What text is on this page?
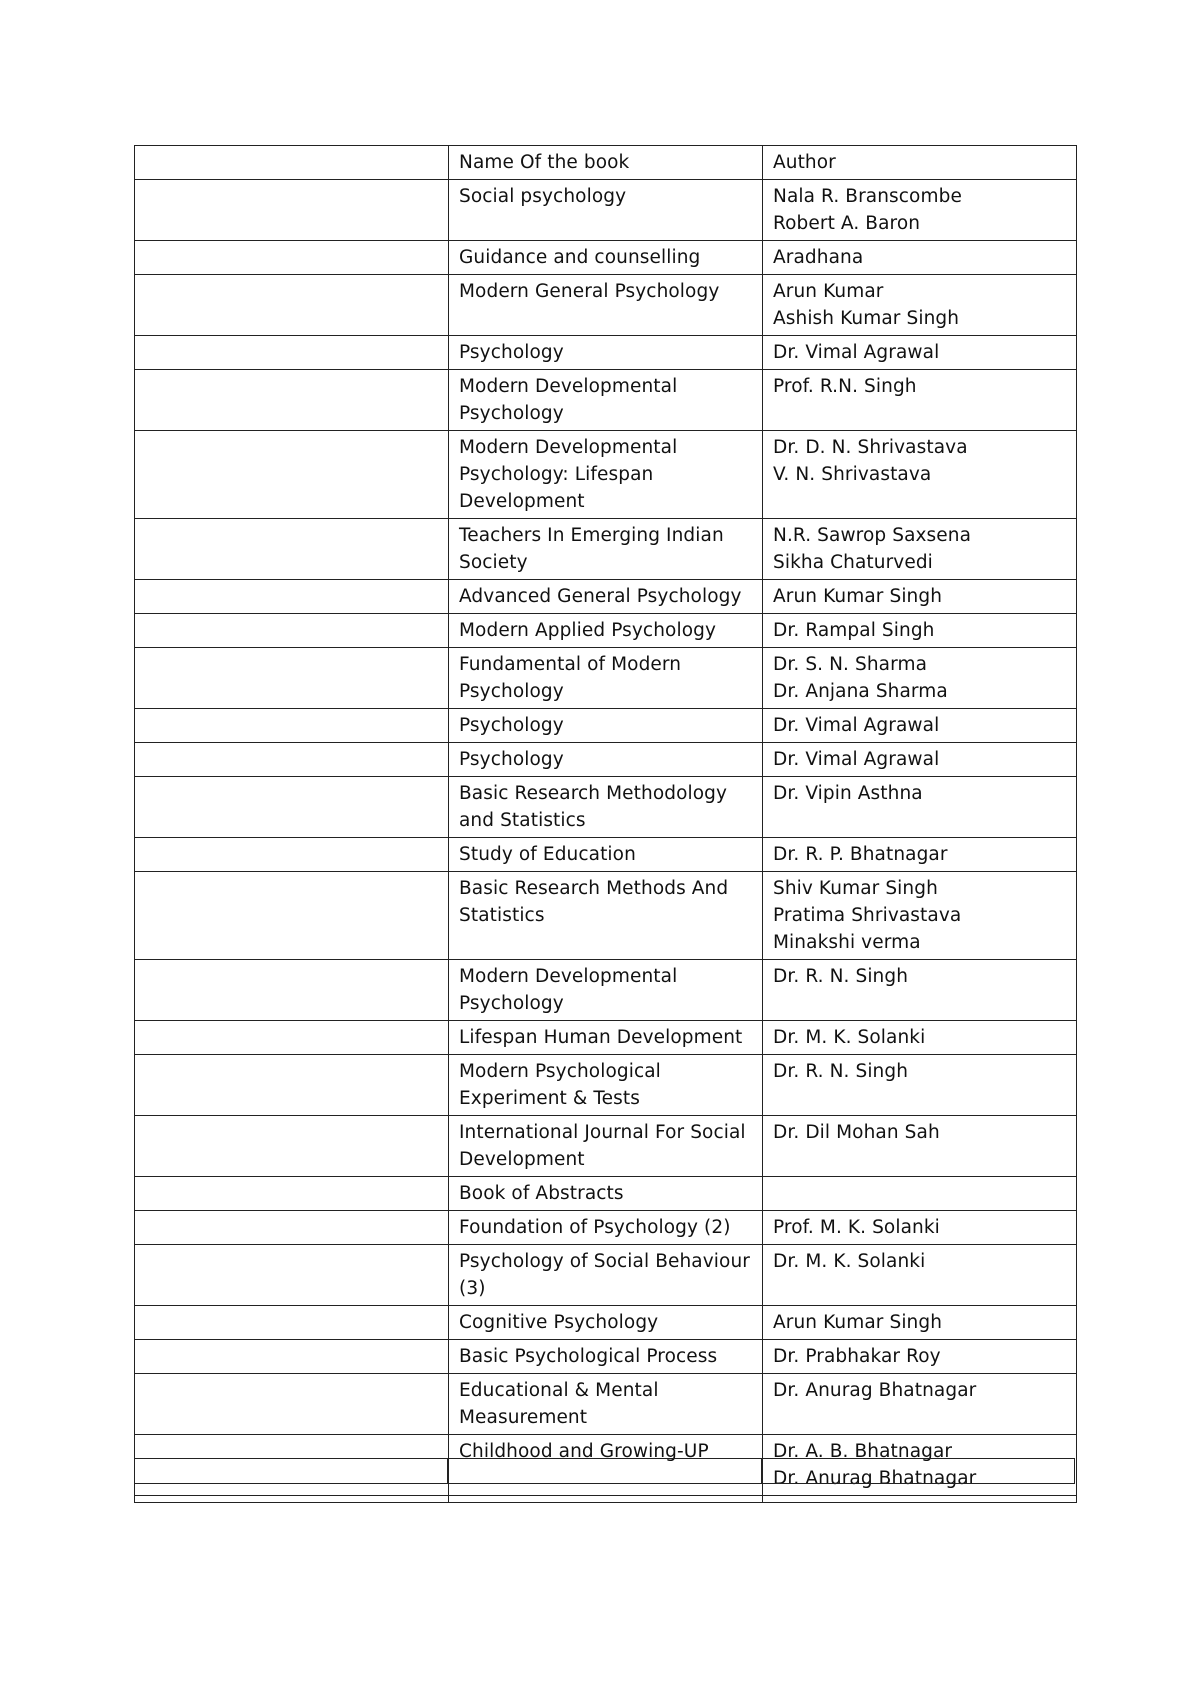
	Name Of the book	Author
	Social psychology	Nala R. Branscombe
Robert A. Baron
	Guidance and counselling	Aradhana
	Modern General Psychology	Arun Kumar
Ashish Kumar Singh
	Psychology	Dr. Vimal Agrawal
	Modern Developmental
Psychology	Prof. R.N. Singh
	Modern Developmental
Psychology: Lifespan
Development	Dr. D. N. Shrivastava
V. N. Shrivastava
	Teachers In Emerging Indian
Society	N.R. Sawrop Saxsena
Sikha Chaturvedi
	Advanced General Psychology	Arun Kumar Singh
	Modern Applied Psychology	Dr. Rampal Singh
	Fundamental of Modern
Psychology	Dr. S. N. Sharma
Dr. Anjana Sharma
	Psychology	Dr. Vimal Agrawal
	Psychology	Dr. Vimal Agrawal
	Basic Research Methodology
and Statistics	Dr. Vipin Asthna
	Study of Education	Dr. R. P. Bhatnagar
	Basic Research Methods And
Statistics	Shiv Kumar Singh
Pratima Shrivastava
Minakshi verma
	Modern Developmental
Psychology	Dr. R. N. Singh
	Lifespan Human Development	Dr. M. K. Solanki
	Modern Psychological
Experiment & Tests	Dr. R. N. Singh
	International Journal For Social
Development	Dr. Dil Mohan Sah
	Book of Abstracts	
	Foundation of Psychology (2)	Prof. M. K. Solanki
	Psychology of Social Behaviour
(3)	Dr. M. K. Solanki
	Cognitive Psychology	Arun Kumar Singh
	Basic Psychological Process	Dr. Prabhakar Roy
	Educational & Mental
Measurement	Dr. Anurag Bhatnagar
	Childhood and Growing-UP	Dr. A. B. Bhatnagar
Dr. Anurag Bhatnagar
